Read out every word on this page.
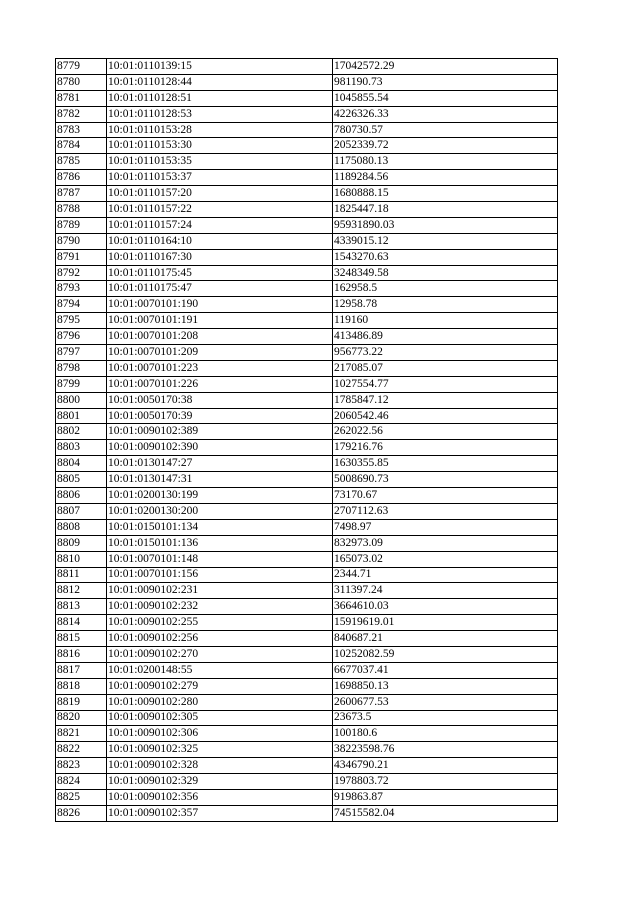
8779	10:01:0110139:15	17042572.29
8780	10:01:0110128:44	981190.73
8781	10:01:0110128:51	1045855.54
8782	10:01:0110128:53	4226326.33
8783	10:01:0110153:28	780730.57
8784	10:01:0110153:30	2052339.72
8785	10:01:0110153:35	1175080.13
8786	10:01:0110153:37	1189284.56
8787	10:01:0110157:20	1680888.15
8788	10:01:0110157:22	1825447.18
8789	10:01:0110157:24	95931890.03
8790	10:01:0110164:10	4339015.12
8791	10:01:0110167:30	1543270.63
8792	10:01:0110175:45	3248349.58
8793	10:01:0110175:47	162958.5
8794	10:01:0070101:190	12958.78
8795	10:01:0070101:191	119160
8796	10:01:0070101:208	413486.89
8797	10:01:0070101:209	956773.22
8798	10:01:0070101:223	217085.07
8799	10:01:0070101:226	1027554.77
8800	10:01:0050170:38	1785847.12
8801	10:01:0050170:39	2060542.46
8802	10:01:0090102:389	262022.56
8803	10:01:0090102:390	179216.76
8804	10:01:0130147:27	1630355.85
8805	10:01:0130147:31	5008690.73
8806	10:01:0200130:199	73170.67
8807	10:01:0200130:200	2707112.63
8808	10:01:0150101:134	7498.97
8809	10:01:0150101:136	832973.09
8810	10:01:0070101:148	165073.02
8811	10:01:0070101:156	2344.71
8812	10:01:0090102:231	311397.24
8813	10:01:0090102:232	3664610.03
8814	10:01:0090102:255	15919619.01
8815	10:01:0090102:256	840687.21
8816	10:01:0090102:270	10252082.59
8817	10:01:0200148:55	6677037.41
8818	10:01:0090102:279	1698850.13
8819	10:01:0090102:280	2600677.53
8820	10:01:0090102:305	23673.5
8821	10:01:0090102:306	100180.6
8822	10:01:0090102:325	38223598.76
8823	10:01:0090102:328	4346790.21
8824	10:01:0090102:329	1978803.72
8825	10:01:0090102:356	919863.87
8826	10:01:0090102:357	74515582.04
